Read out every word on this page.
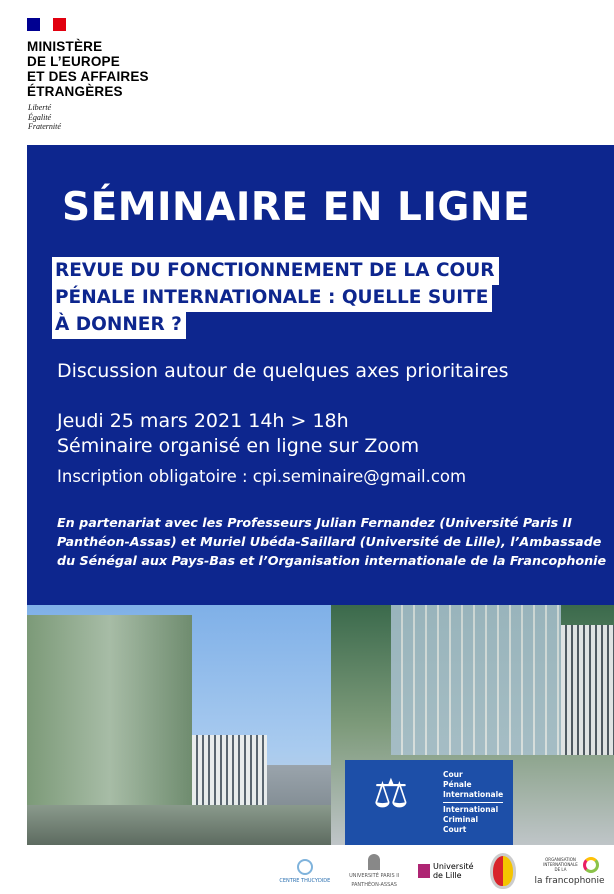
MINISTÈRE
DE L’EUROPE
ET DES AFFAIRES
ÉTRANGÈRES
Liberté
Égalité
Fraternité
SÉMINAIRE EN LIGNE
REVUE DU FONCTIONNEMENT DE LA COUR
PÉNALE INTERNATIONALE : QUELLE SUITE
À DONNER ?
Discussion autour de quelques axes prioritaires
Jeudi 25 mars 2021 14h > 18h
Séminaire organisé en ligne sur Zoom
Inscription obligatoire : cpi.seminaire@gmail.com
En partenariat avec les Professeurs Julian Fernandez (Université Paris II Panthéon-Assas) et Muriel Ubéda-Saillard (Université de Lille), l’Ambassade du Sénégal aux Pays-Bas et l’Organisation internationale de la Francophonie
⚖	Cour
Pénale
Internationale
International
Criminal
Court
CENTRE THUCYDIDE
UNIVERSITÉ PARIS II
PANTHÉON-ASSAS
Université de Lille
ORGANISATION INTERNATIONALE DE LA
la francophonie
